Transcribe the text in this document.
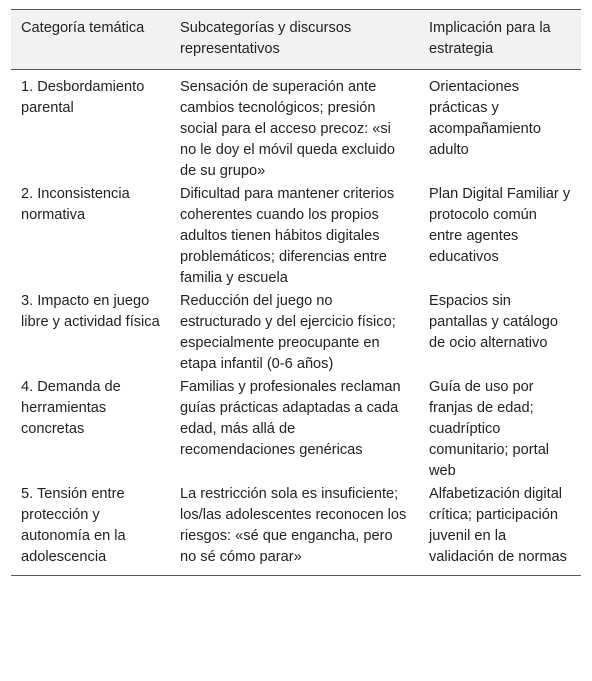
Categoría temática	Subcategorías y discursos representativos	Implicación para la estrategia
1. Desbordamiento parental	Sensación de superación ante cambios tecnológicos; presión social para el acceso precoz: «si no le doy el móvil queda excluido de su grupo»	Orientaciones prácticas y acompañamiento adulto
2. Inconsistencia normativa	Dificultad para mantener criterios coherentes cuando los propios adultos tienen hábitos digitales problemáticos; diferencias entre familia y escuela	Plan Digital Familiar y protocolo común entre agentes educativos
3. Impacto en juego libre y actividad física	Reducción del juego no estructurado y del ejercicio físico; especialmente preocupante en etapa infantil (0-6 años)	Espacios sin pantallas y catálogo de ocio alternativo
4. Demanda de herramientas concretas	Familias y profesionales reclaman guías prácticas adaptadas a cada edad, más allá de recomendaciones genéricas	Guía de uso por franjas de edad; cuadríptico comunitario; portal web
5. Tensión entre protección y autonomía en la adolescencia	La restricción sola es insuficiente; los/las adolescentes reconocen los riesgos: «sé que engancha, pero no sé cómo parar»	Alfabetización digital crítica; participación juvenil en la validación de normas
